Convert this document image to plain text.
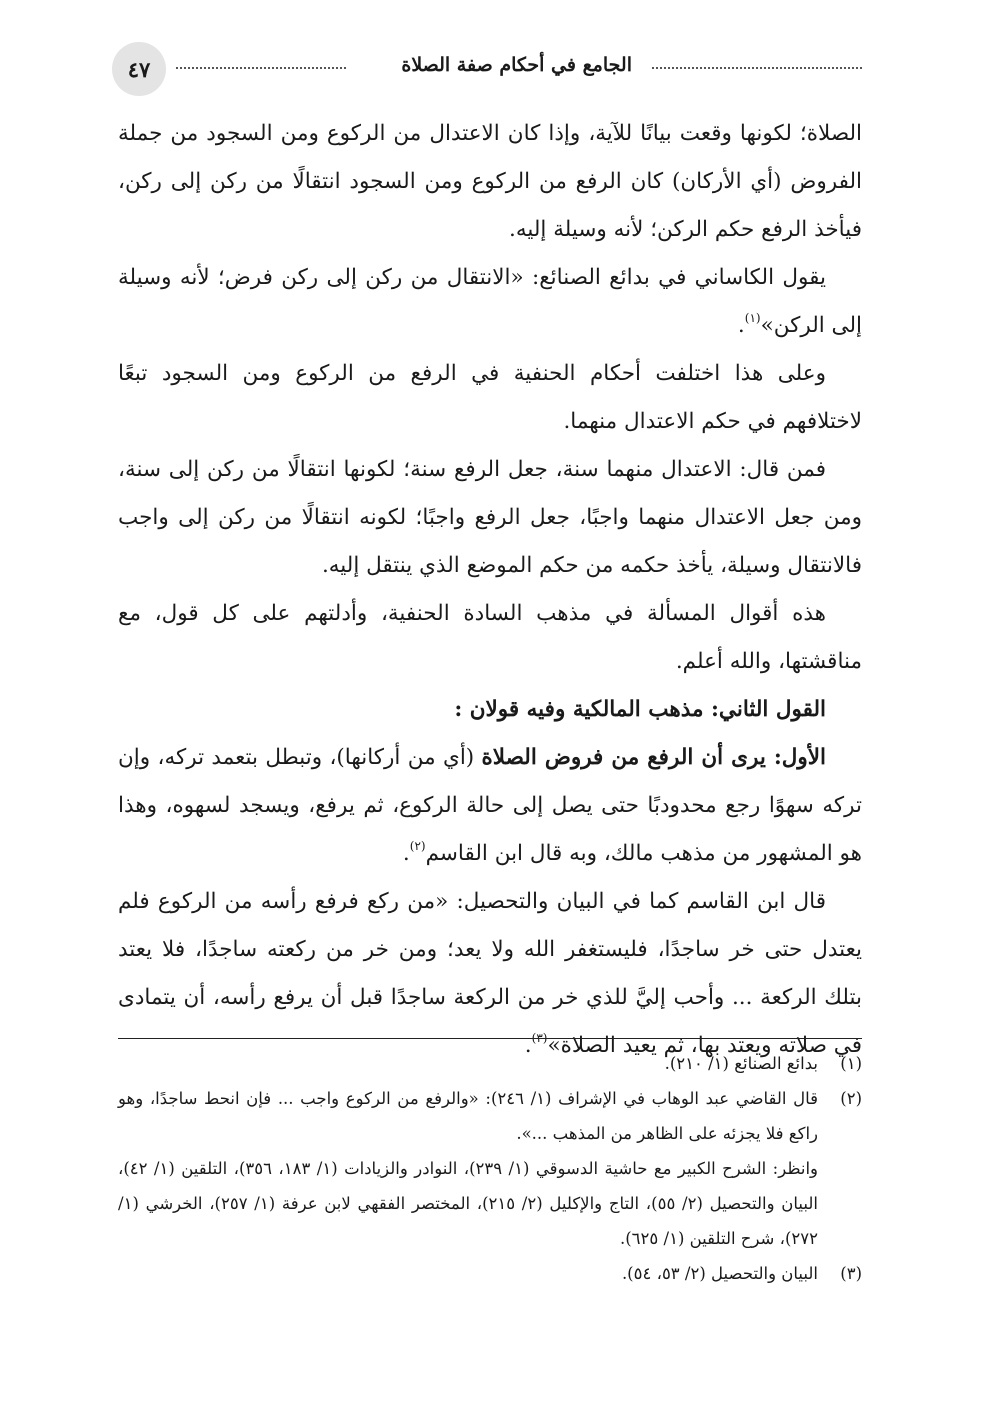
الجامع في أحكام صفة الصلاة
٤٧

الصلاة؛ لكونها وقعت بيانًا للآية، وإذا كان الاعتدال من الركوع ومن السجود من جملة الفروض (أي الأركان) كان الرفع من الركوع ومن السجود انتقالًا من ركن إلى ركن، فيأخذ الرفع حكم الركن؛ لأنه وسيلة إليه.

يقول الكاساني في بدائع الصنائع: «الانتقال من ركن إلى ركن فرض؛ لأنه وسيلة إلى الركن»$^{(١)}$.

وعلى هذا اختلفت أحكام الحنفية في الرفع من الركوع ومن السجود تبعًا لاختلافهم في حكم الاعتدال منهما.

فمن قال: الاعتدال منهما سنة، جعل الرفع سنة؛ لكونها انتقالًا من ركن إلى سنة، ومن جعل الاعتدال منهما واجبًا، جعل الرفع واجبًا؛ لكونه انتقالًا من ركن إلى واجب فالانتقال وسيلة، يأخذ حكمه من حكم الموضع الذي ينتقل إليه.

هذه أقوال المسألة في مذهب السادة الحنفية، وأدلتهم على كل قول، مع مناقشتها، والله أعلم.

القول الثاني: مذهب المالكية وفيه قولان :

الأول: يرى أن الرفع من فروض الصلاة (أي من أركانها)، وتبطل بتعمد تركه، وإن تركه سهوًا رجع محدودبًا حتى يصل إلى حالة الركوع، ثم يرفع، ويسجد لسهوه، وهذا هو المشهور من مذهب مالك، وبه قال ابن القاسم$^{(٢)}$.

قال ابن القاسم كما في البيان والتحصيل: «من ركع فرفع رأسه من الركوع فلم يعتدل حتى خر ساجدًا، فليستغفر الله ولا يعد؛ ومن خر من ركعته ساجدًا، فلا يعتد بتلك الركعة ... وأحب إليَّ للذي خر من الركعة ساجدًا قبل أن يرفع رأسه، أن يتمادى في صلاته ويعتد بها، ثم يعيد الصلاة»$^{(٣)}$.

(١)

بدائع الصنائع (١/ ٢١٠).

(٢)

قال القاضي عبد الوهاب في الإشراف (١/ ٢٤٦): «والرفع من الركوع واجب ... فإن انحط ساجدًا، وهو راكع فلا يجزئه على الظاهر من المذهب ...».

وانظر: الشرح الكبير مع حاشية الدسوقي (١/ ٢٣٩)، النوادر والزيادات (١/ ١٨٣، ٣٥٦)، التلقين (١/ ٤٢)، البيان والتحصيل (٢/ ٥٥)، التاج والإكليل (٢/ ٢١٥)، المختصر الفقهي لابن عرفة (١/ ٢٥٧)، الخرشي (١/ ٢٧٢)، شرح التلقين (١/ ٦٢٥).

(٣)

البيان والتحصيل (٢/ ٥٣، ٥٤).
